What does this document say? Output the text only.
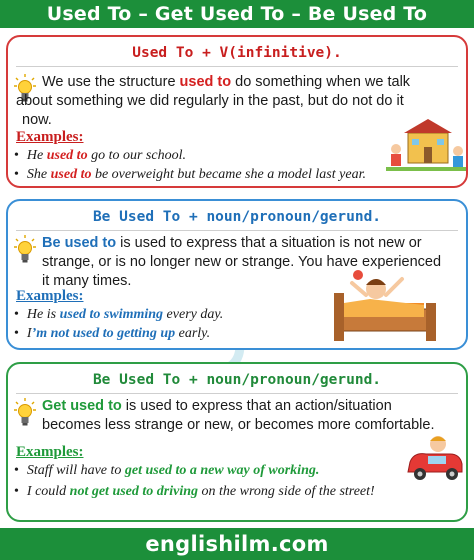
Used To – Get Used To – Be Used To
Used To + V(infinitive).
We use the structure used to do something when we talk
about something we did regularly in the past, but do not do it
now.
Examples:
• He used to go to our school.
• She used to be overweight but became she a model last year.
Be Used To + noun/pronoun/gerund.
Be used to is used to express that a situation is not new or
strange, or is no longer new or strange. You have experienced
it many times.
Examples:
• He is used to swimming every day.
• I’m not used to getting up early.
Be Used To + noun/pronoun/gerund.
Get used to is used to express that an action/situation
becomes less strange or new, or becomes more comfortable.
Examples:
• Staff will have to get used to a new way of working.
• I could not get used to driving on the wrong side of the street!
englishilm.com
